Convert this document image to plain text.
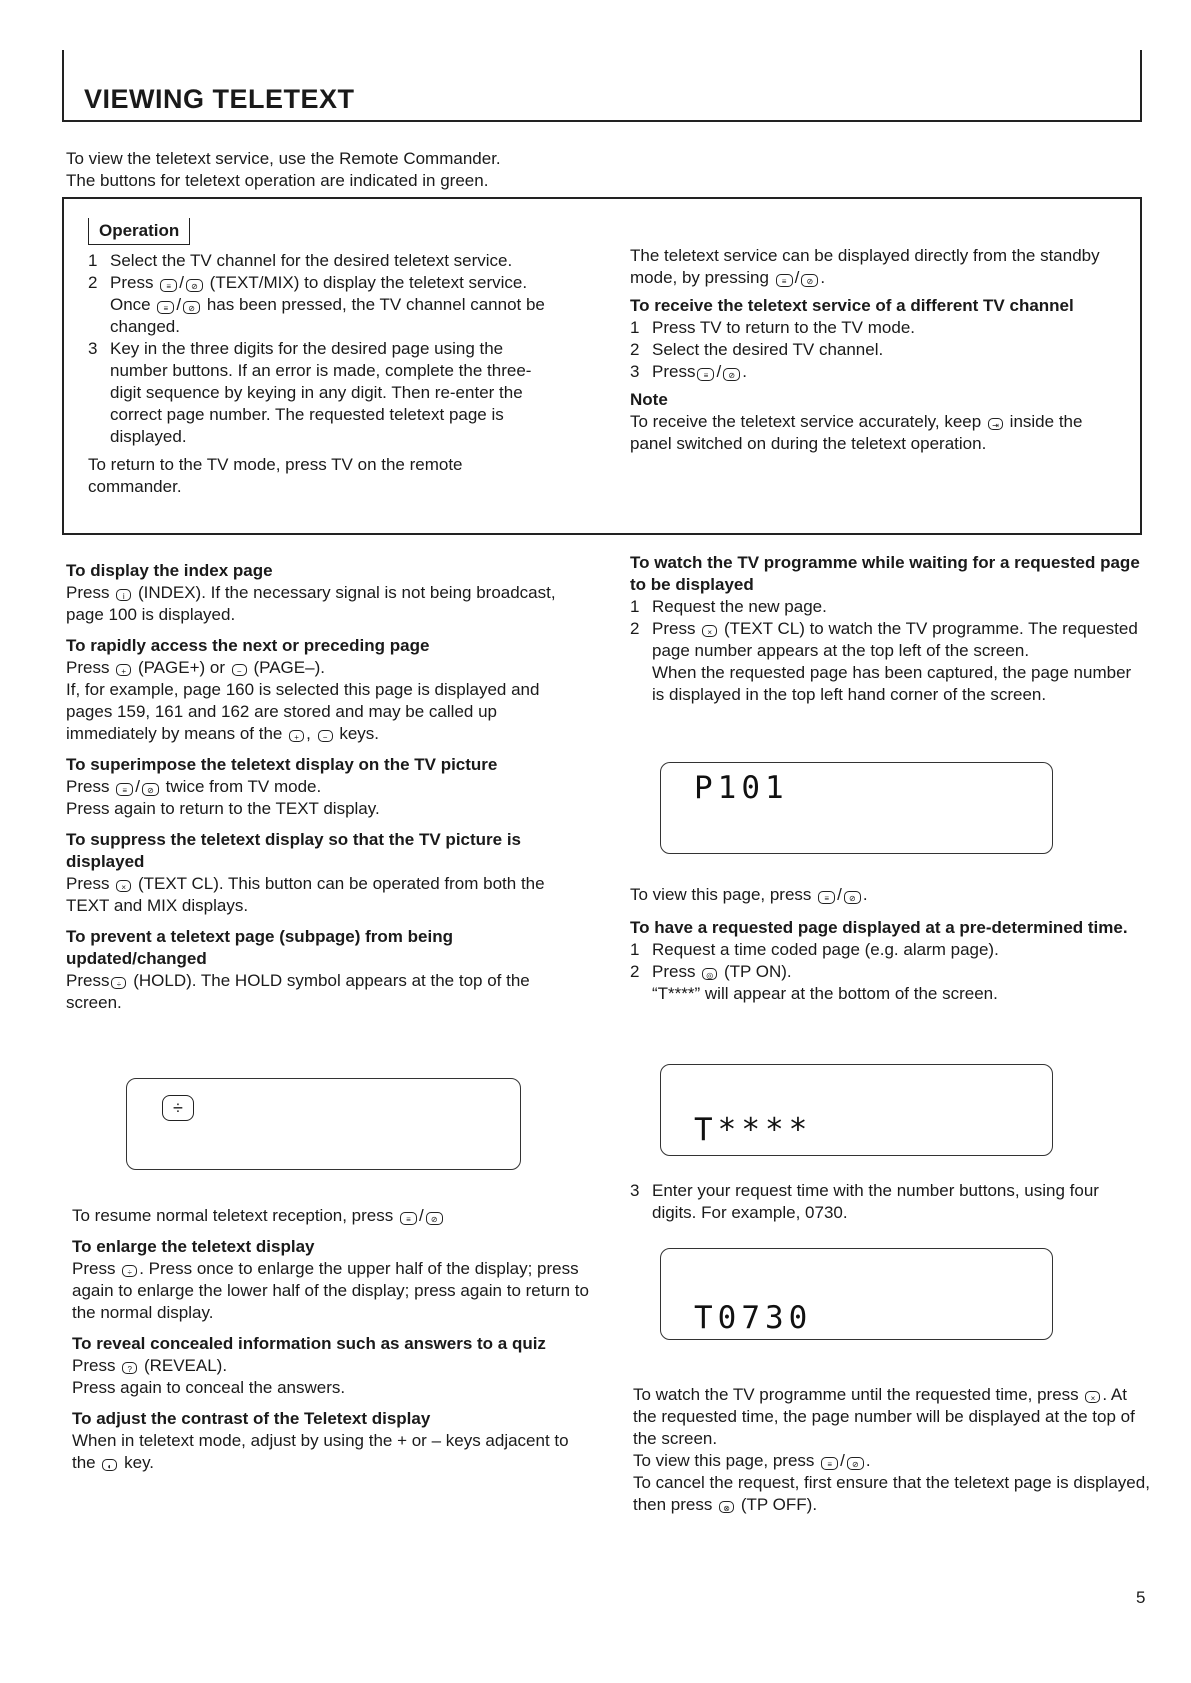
VIEWING TELETEXT

To view the teletext service, use the Remote Commander.

The buttons for teletext operation are indicated in green.

Operation
1 Select the TV channel for the desired teletext service.
2 Press ≡ / ⊘ (TEXT/MIX) to display the teletext service.
Once ≡ / ⊘ has been pressed, the TV channel cannot be changed.
3 Key in the three digits for the desired page using the number buttons. If an error is made, complete the three-digit sequence by keying in any digit. Then re-enter the correct page number. The requested teletext page is displayed.

To return to the TV mode, press TV on the remote commander.

The teletext service can be displayed directly from the standby mode, by pressing ≡ / ⊘ .

To receive the teletext service of a different TV channel

1 Press TV to return to the TV mode.
2 Select the desired TV channel.
3 Press ≡ / ⊘ .

Note

To receive the teletext service accurately, keep ⇥ inside the panel switched on during the teletext operation.

To display the index page

Press i (INDEX). If the necessary signal is not being broadcast, page 100 is displayed.

To rapidly access the next or preceding page

Press + (PAGE+) or − (PAGE–).

If, for example, page 160 is selected this page is displayed and pages 159, 161 and 162 are stored and may be called up immediately by means of the + , − keys.

To superimpose the teletext display on the TV picture

Press ≡ / ⊘ twice from TV mode.

Press again to return to the TEXT display.

To suppress the teletext display so that the TV picture is displayed

Press × (TEXT CL). This button can be operated from both the TEXT and MIX displays.

To prevent a teletext page (subpage) from being updated/changed

Press ÷ (HOLD). The HOLD symbol appears at the top of the screen.

÷

To resume normal teletext reception, press ≡ / ⊘

To enlarge the teletext display

Press ÷ . Press once to enlarge the upper half of the display; press again to enlarge the lower half of the display; press again to return to the normal display.

To reveal concealed information such as answers to a quiz

Press ? (REVEAL).

Press again to conceal the answers.

To adjust the contrast of the Teletext display

When in teletext mode, adjust by using the + or – keys adjacent to the ◐ key.

To watch the TV programme while waiting for a requested page to be displayed

1 Request the new page.
2 Press × (TEXT CL) to watch the TV programme. The requested page number appears at the top left of the screen.
When the requested page has been captured, the page number is displayed in the top left hand corner of the screen.
P101

To view this page, press ≡ / ⊘ .

To have a requested page displayed at a pre-determined time.

1 Request a time coded page (e.g. alarm page).
2 Press ◎ (TP ON).
“T****” will appear at the bottom of the screen.
T****
3 Enter your request time with the number buttons, using four digits. For example, 0730.
T0730

To watch the TV programme until the requested time, press × . At the requested time, the page number will be displayed at the top of the screen.

To view this page, press ≡ / ⊘ .

To cancel the request, first ensure that the teletext page is displayed, then press ⊗ (TP OFF).

5
